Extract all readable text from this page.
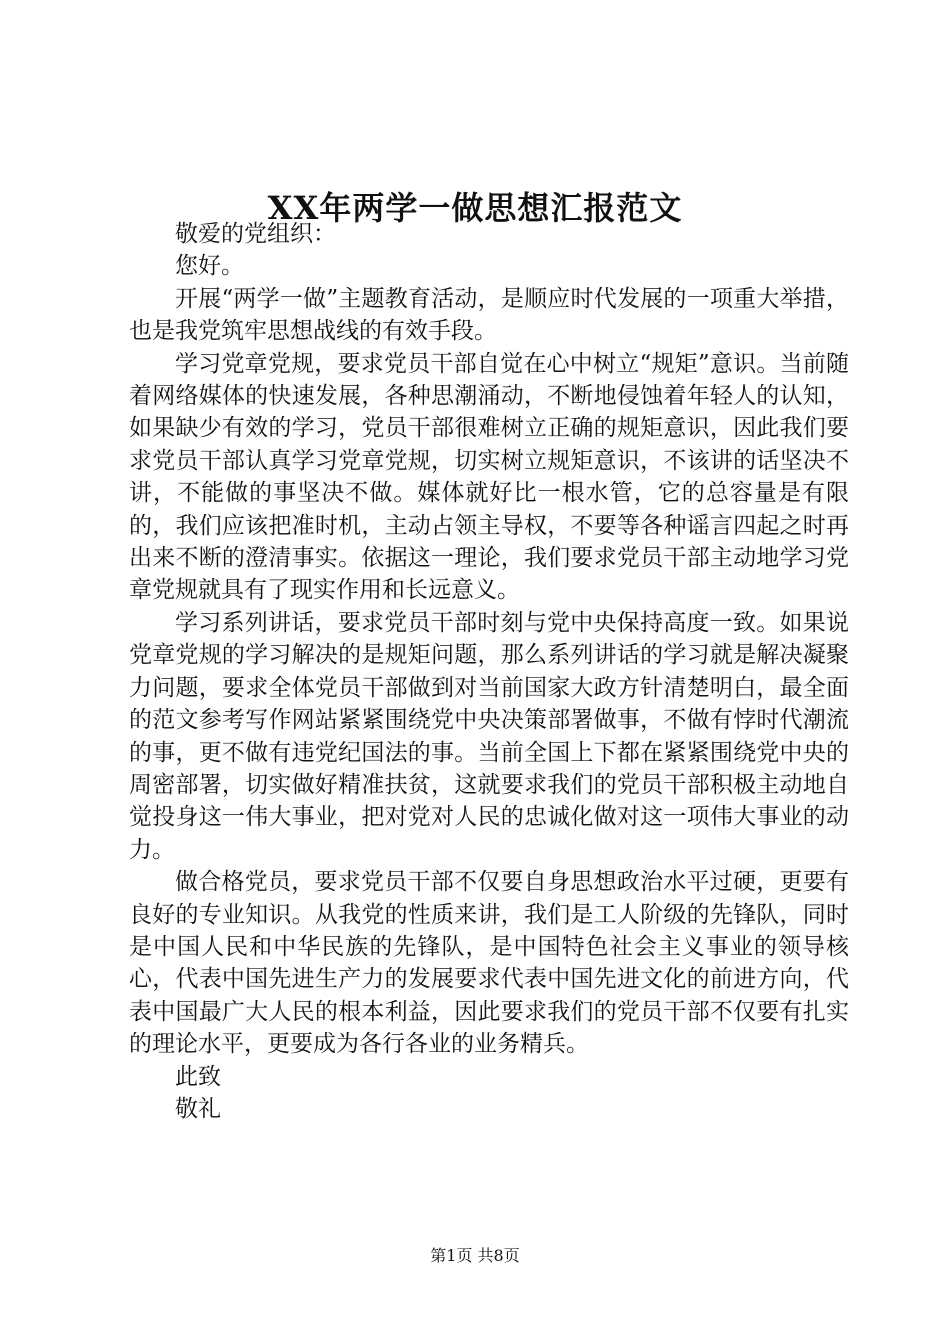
XX年两学一做思想汇报范文

敬爱的党组织：

您好。

开展“两学一做”主题教育活动，是顺应时代发展的一项重大举措，也是我党筑牢思想战线的有效手段。

学习党章党规，要求党员干部自觉在心中树立“规矩”意识。当前随着网络媒体的快速发展，各种思潮涌动，不断地侵蚀着年轻人的认知，如果缺少有效的学习，党员干部很难树立正确的规矩意识，因此我们要求党员干部认真学习党章党规，切实树立规矩意识，不该讲的话坚决不讲，不能做的事坚决不做。媒体就好比一根水管，它的总容量是有限的，我们应该把准时机，主动占领主导权，不要等各种谣言四起之时再出来不断的澄清事实。依据这一理论，我们要求党员干部主动地学习党章党规就具有了现实作用和长远意义。

学习系列讲话，要求党员干部时刻与党中央保持高度一致。如果说党章党规的学习解决的是规矩问题，那么系列讲话的学习就是解决凝聚力问题，要求全体党员干部做到对当前国家大政方针清楚明白，最全面的范文参考写作网站紧紧围绕党中央决策部署做事，不做有悖时代潮流的事，更不做有违党纪国法的事。当前全国上下都在紧紧围绕党中央的周密部署，切实做好精准扶贫，这就要求我们的党员干部积极主动地自觉投身这一伟大事业，把对党对人民的忠诚化做对这一项伟大事业的动力。

做合格党员，要求党员干部不仅要自身思想政治水平过硬，更要有良好的专业知识。从我党的性质来讲，我们是工人阶级的先锋队，同时是中国人民和中华民族的先锋队，是中国特色社会主义事业的领导核心，代表中国先进生产力的发展要求代表中国先进文化的前进方向，代表中国最广大人民的根本利益，因此要求我们的党员干部不仅要有扎实的理论水平，更要成为各行各业的业务精兵。

此致

敬礼

第1页 共8页
